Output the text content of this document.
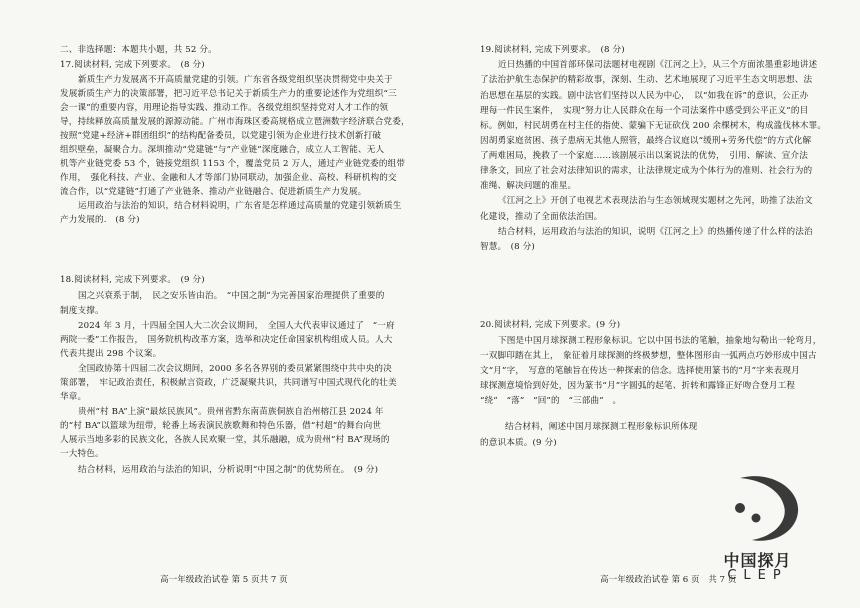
二、非选择题：本题共小题，共 52 分。
17.阅读材料, 完成下列要求。　(8 分)
新质生产力发展离不开高质量党建的引领。广东省各级党组织坚决贯彻党中央关于
发展新质生产力的决策部署，把习近平总书记关于新质生产力的重要论述作为党组织“三
会一课”的重要内容，用理论指导实践、推动工作。各级党组织坚持党对人才工作的领
导，持续释放高质量发展的源源动能。广州市海珠区委高规格成立琶洲数字经济联合党委，
按照“党建+经济+群团组织”的结构配备委员，以党建引领为企业进行技术创新打破
组织壁垒，凝聚合力。深圳推动“党建链”与“产业链”深度融合，成立人工智能、无人
机等产业链党委 53 个，链接党组织 1153 个，覆盖党员 2 万人，通过产业链党委的组带
作用，　强化科技、产业、金融和人才等部门协同联动，加强企业、高校、科研机构的交
流合作，以“党建链”打通了产业链条、推动产业链融合、促进新质生产力发展。
运用政治与法治的知识，结合材料说明，广东省是怎样通过高质量的党建引领新质生
产力发展的.　(8 分)
18.阅读材料, 完成下列要求。　(9 分)
国之兴衰系于制，　民之安乐皆由治。　“中国之制”为完善国家治理提供了重要的
制度支撑。
2024 年 3 月，十四届全国人大二次会议期间，　全国人大代表审议通过了　“一府
两院一委”工作报告，　国务院机构改革方案，选举和决定任命国家机构组成人员。人大
代表共提出 298 个议案。
全国政协第十四届二次会议期间，2000 多名各界别的委员紧紧围绕中共中央的决
策部署，　牢记政治责任，积极献言资政，广泛凝聚共识，共同谱写中国式现代化的壮美
华章。
贵州“村 BA”上演“最炫民族风”。贵州省黔东南苗族侗族自治州榕江县 2024 年
的“村 BA”以篮球为纽带，轮番上场表演民族歌舞和特色乐器，借“村超”的舞台向世
人展示当地多彩的民族文化，各族人民欢聚一堂，其乐融融，成为贵州“村 BA”现场的
一大特色。
结合材料，运用政治与法治的知识，分析说明“中国之制”的优势所在。　(9 分)
高一年级政治试卷 第 5 页共 7 页
19.阅读材料, 完成下列要求。　(8 分)
近日热播的中国首部环保司法题材电视剧《江河之上》，从三个方面浓墨重彩地讲述
了法治护航生态保护的精彩故事，深刻、生动、艺术地展现了习近平生态文明思想、法
治思想在基层的实践。剧中法官们坚持以人民为中心，　以“如我在诉”的意识，公正办
理每一件民生案件，　实现“努力让人民群众在每一个司法案件中感受到公平正义”的目
标。例如，村民胡勇在村主任的指使、蒙骗下无证砍伐 200 余棵树木，构成滥伐林木罪。
因胡勇家庭贫困、孩子患病无其他人照管，最终合议庭以“缓刑+劳务代偿”的方式化解
了两难困局，挽救了一个家庭……该剧展示出以案说法的优势，　引用、解读、宣介法
律条文，回应了社会对法律知识的需求，让法律规定成为个体行为的准则、社会行为的
准绳、解决问题的准星。
《江河之上》开创了电视艺术表现法治与生态领域现实题材之先河，助推了法治文
化建设，推动了全面依法治国。
结合材料，运用政治与法治的知识，说明《江河之上》的热播传递了什么样的法治
智慧。　(8 分)
20.阅读材料, 完成下列要求。(9 分)
下图是中国月球探测工程形象标识。它以中国书法的笔触，抽象地勾勒出一轮弯月，
一双脚印踏在其上，　象征着月球探测的终极梦想，整体图形由一弧两点巧妙形成中国古
文“月”字，　写意的笔触旨在传达一种探索的信念。选择使用篆书的“月”字来表现月
球探测意境恰到好处，因为篆书“月”字圆弧的起笔、折转和露锋正好吻合登月工程
“绕”　“落”　“回”的　“三部曲”　。
结合材料，阐述中国月球探测工程形象标识所体现
的意识本质。(9 分)
高一年级政治试卷 第 6 页　共 7 页
中国探月
CLEP
